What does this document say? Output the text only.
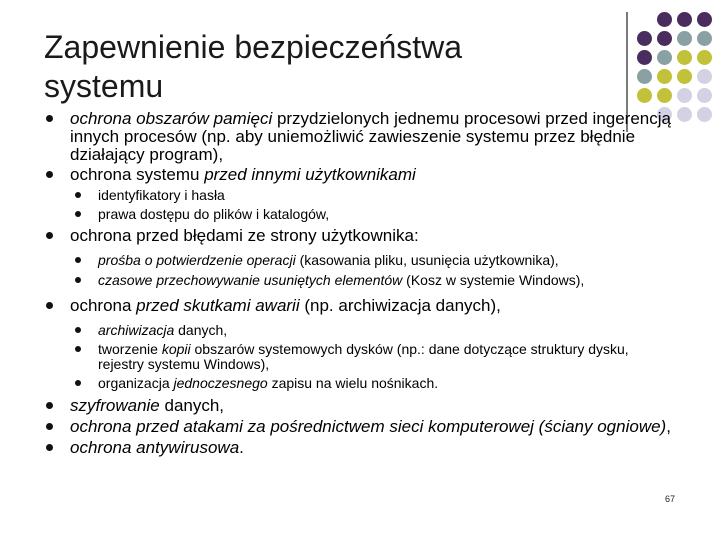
Zapewnienie bezpieczeństwa
systemu
ochrona obszarów pamięci przydzielonych jednemu procesowi przed ingerencją innych procesów (np. aby uniemożliwić zawieszenie systemu przez błędnie działający program),
ochrona systemu przed innymi użytkownikami
identyfikatory i hasła
prawa dostępu do plików i katalogów,
ochrona przed błędami ze strony użytkownika:
prośba o potwierdzenie operacji (kasowania pliku, usunięcia użytkownika),
czasowe przechowywanie usuniętych elementów (Kosz w systemie Windows),
ochrona przed skutkami awarii (np. archiwizacja danych),
archiwizacja danych,
tworzenie kopii obszarów systemowych dysków (np.: dane dotyczące struktury dysku, rejestry systemu Windows),
organizacja jednoczesnego zapisu na wielu nośnikach.
szyfrowanie danych,
ochrona przed atakami za pośrednictwem sieci komputerowej (ściany ogniowe),
ochrona antywirusowa.
67
